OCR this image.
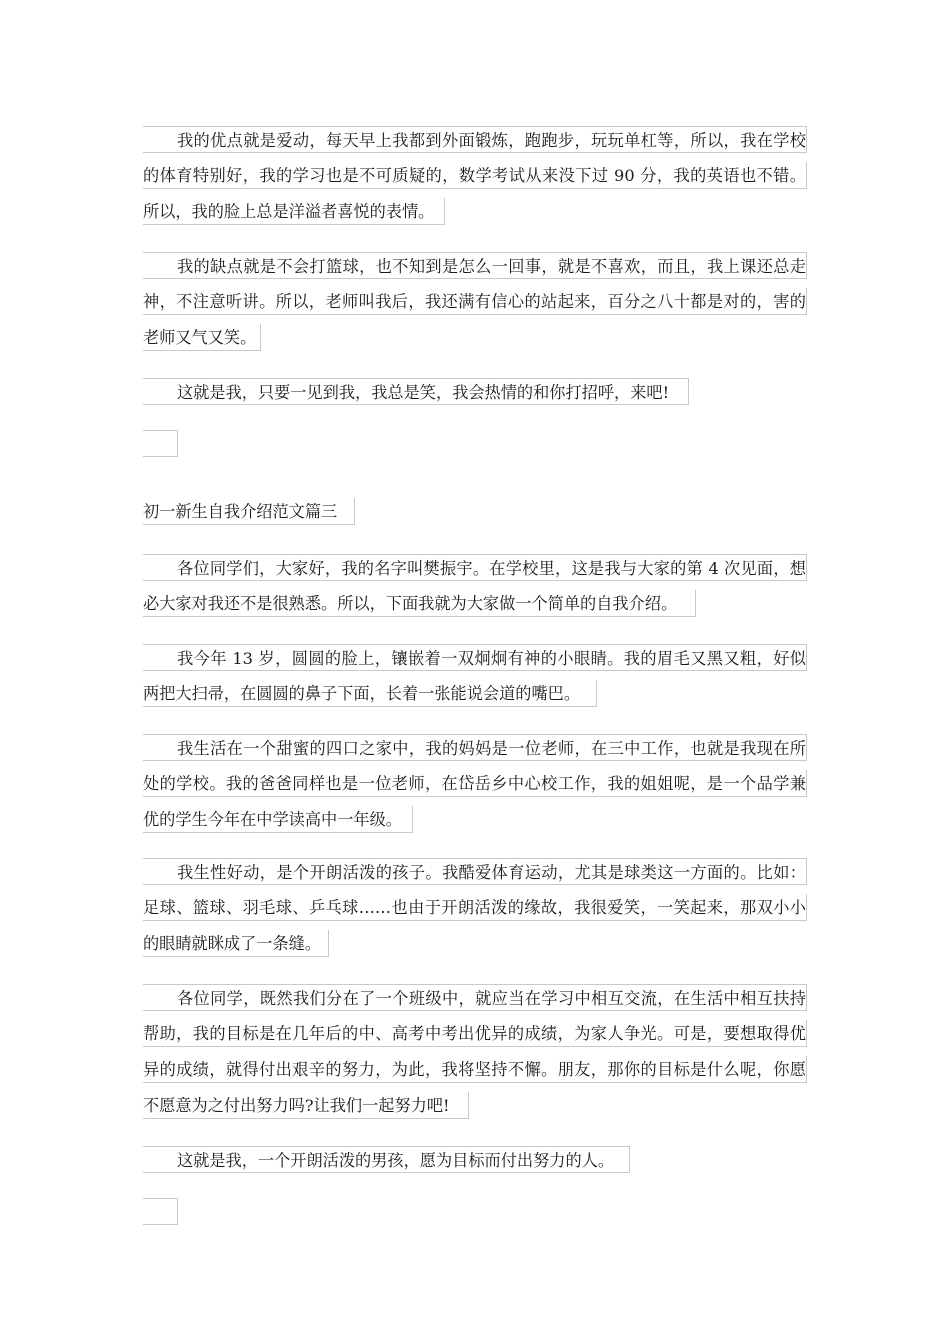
我的优点就是爱动，每天早上我都到外面锻炼，跑跑步，玩玩单杠等，所以，我在学校
的体育特别好，我的学习也是不可质疑的，数学考试从来没下过 90 分，我的英语也不错。
所以，我的脸上总是洋溢者喜悦的表情。
我的缺点就是不会打篮球，也不知到是怎么一回事，就是不喜欢，而且，我上课还总走
神，不注意听讲。所以，老师叫我后，我还满有信心的站起来，百分之八十都是对的，害的
老师又气又笑。
这就是我，只要一见到我，我总是笑，我会热情的和你打招呼，来吧!
初一新生自我介绍范文篇三
各位同学们，大家好，我的名字叫樊振宇。在学校里，这是我与大家的第 4 次见面，想
必大家对我还不是很熟悉。所以，下面我就为大家做一个简单的自我介绍。
我今年 13 岁，圆圆的脸上，镶嵌着一双炯炯有神的小眼睛。我的眉毛又黑又粗，好似
两把大扫帚，在圆圆的鼻子下面，长着一张能说会道的嘴巴。
我生活在一个甜蜜的四口之家中，我的妈妈是一位老师，在三中工作，也就是我现在所
处的学校。我的爸爸同样也是一位老师，在岱岳乡中心校工作，我的姐姐呢，是一个品学兼
优的学生今年在中学读高中一年级。
我生性好动，是个开朗活泼的孩子。我酷爱体育运动，尤其是球类这一方面的。比如：
足球、篮球、羽毛球、乒乓球……也由于开朗活泼的缘故，我很爱笑，一笑起来，那双小小
的眼睛就眯成了一条缝。
各位同学，既然我们分在了一个班级中，就应当在学习中相互交流，在生活中相互扶持
帮助，我的目标是在几年后的中、高考中考出优异的成绩，为家人争光。可是，要想取得优
异的成绩，就得付出艰辛的努力，为此，我将坚持不懈。朋友，那你的目标是什么呢，你愿
不愿意为之付出努力吗?让我们一起努力吧!
这就是我，一个开朗活泼的男孩，愿为目标而付出努力的人。
